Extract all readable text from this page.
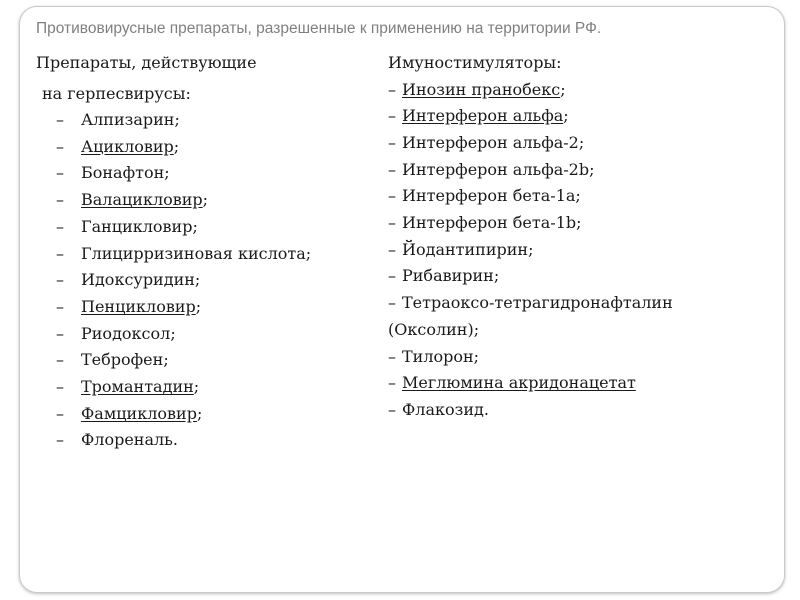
Противовирусные препараты, разрешенные к применению на территории РФ.
Препараты, действующие
на герпесвирусы:
– Алпизарин;
– Ацикловир;
– Бонафтон;
– Валацикловир;
– Ганцикловир;
– Глицирризиновая кислота;
– Идоксуридин;
– Пенцикловир;
– Риодоксол;
– Теброфен;
– Тромантадин;
– Фамцикловир;
– Флореналь.
Имуностимуляторы:
– Инозин пранобекс;
– Интерферон альфа;
– Интерферон альфа-2;
– Интерферон альфа-2b;
– Интерферон бета-1a;
– Интерферон бета-1b;
– Йодантипирин;
– Рибавирин;
– Тетраоксо-тетрагидронафталин
(Оксолин);
– Тилорон;
– Меглюмина акридонацетат
– Флакозид.
